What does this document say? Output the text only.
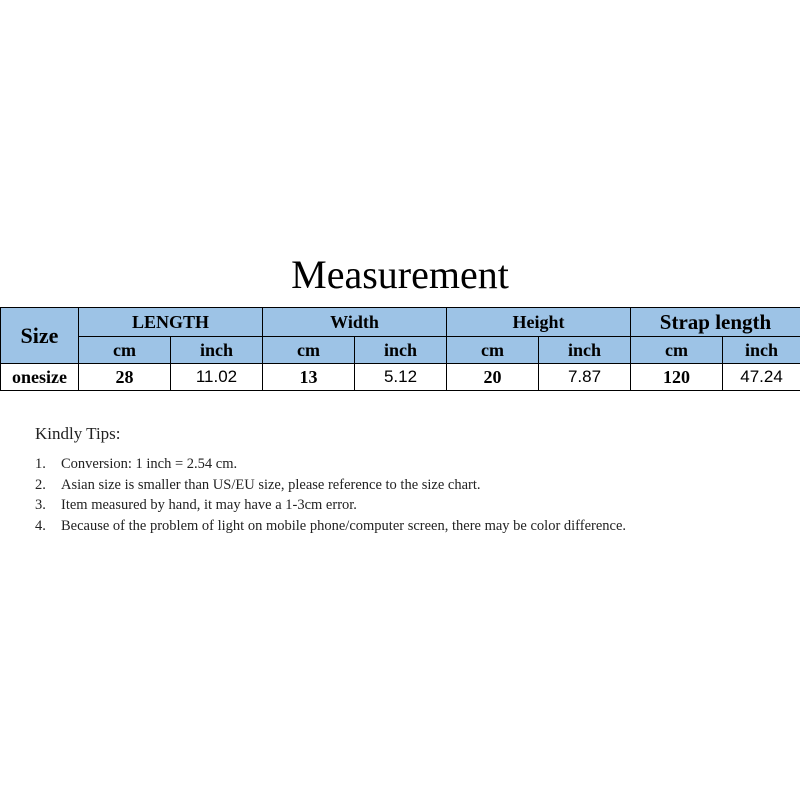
Measurement
Size	LENGTH		Width		Height		Strap length	
	cm	inch	cm	inch	cm	inch	cm	inch
onesize	28	11.02	13	5.12	20	7.87	120	47.24
Kindly Tips:
1. Conversion: 1 inch = 2.54 cm.
2. Asian size is smaller than US/EU size, please reference to the size chart.
3. Item measured by hand, it may have a 1-3cm error.
4. Because of the problem of light on mobile phone/computer screen, there may be color difference.
